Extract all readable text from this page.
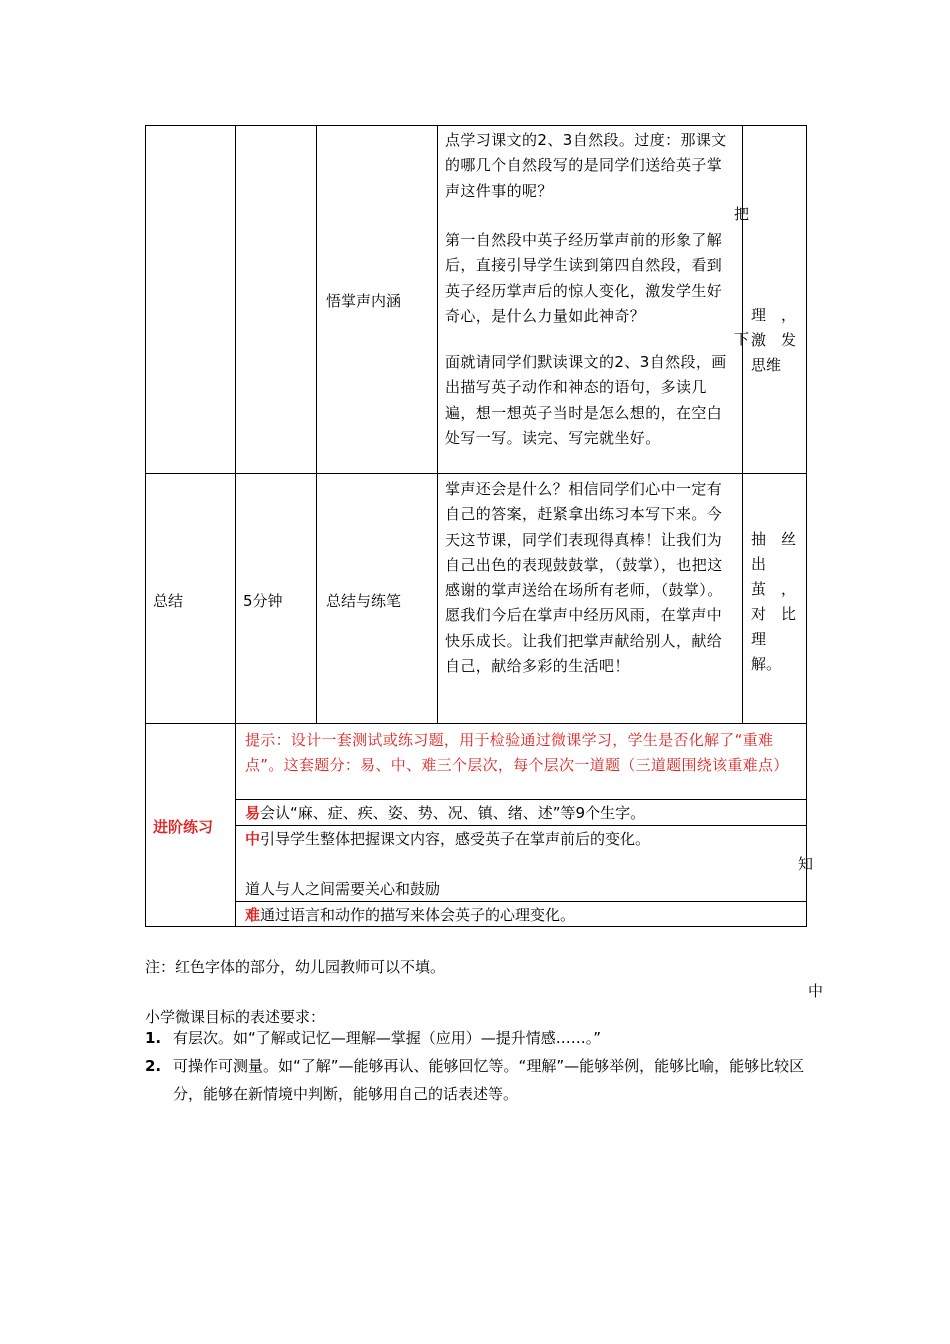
悟掌声内涵
点学习课文的2、3自然段。过度：那课文的哪几个自然段写的是同学们送给英子掌声这件事的呢？
第一自然段中英子经历掌声前的形象了解后，直接引导学生读到第四自然段，看到英子经历掌声后的惊人变化，激发学生好奇心，是什么力量如此神奇？
面就请同学们默读课文的2、3自然段，画出描写英子动作和神态的语句，多读几遍，想一想英子当时是怎么想的，在空白处写一写。读完、写完就坐好。
把
下
理　，
激　发
思维
总结	5分钟	总结与练笔
掌声还会是什么？相信同学们心中一定有自己的答案，赶紧拿出练习本写下来。今天这节课，同学们表现得真棒！让我们为自己出色的表现鼓鼓掌，（鼓掌），也把这感谢的掌声送给在场所有老师，（鼓掌）。愿我们今后在掌声中经历风雨，在掌声中快乐成长。让我们把掌声献给别人，献给自己，献给多彩的生活吧！
抽　丝
出
茧　，
对　比
理
解。
进阶练习
提示：设计一套测试或练习题，用于检验通过微课学习，学生是否化解了“重难点”。这套题分：易、中、难三个层次，每个层次一道题（三道题围绕该重难点）
易会认“麻、症、疾、姿、势、况、镇、绪、述”等9个生字。
中引导学生整体把握课文内容，感受英子在掌声前后的变化。
知
道人与人之间需要关心和鼓励
难通过语言和动作的描写来体会英子的心理变化。
注：红色字体的部分，幼儿园教师可以不填。
中
小学微课目标的表述要求：
1. 有层次。如“了解或记忆—理解—掌握（应用）—提升情感……。”
2. 可操作可测量。如“了解”—能够再认、能够回忆等。“理解”—能够举例，能够比喻，能够比较区分，能够在新情境中判断，能够用自己的话表述等。
